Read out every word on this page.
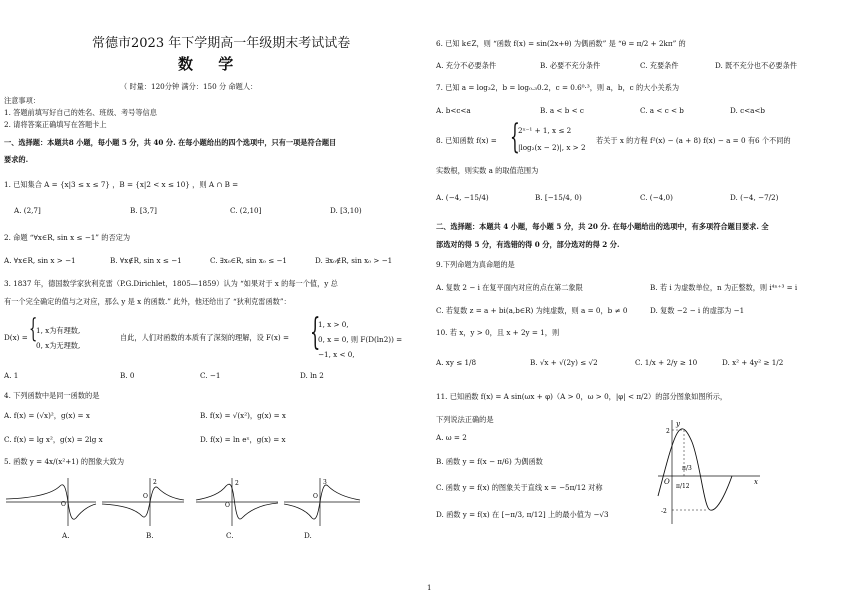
常德市2023 年下学期高一年级期末考试试卷
数 学
（ 时量：120分钟 满分：150 分 命题人：
注意事项：
1. 答题前填写好自己的姓名、班级、考号等信息
2. 请将答案正确填写在答题卡上
一、选择题：本题共8 小题，每小题 5 分，共 40 分. 在每小题给出的四个选项中，只有一项是符合题目
要求的.
1. 已知集合 A = {x|3 ≤ x ≤ 7} ，B = {x|2 < x ≤ 10} ，则 A ∩ B =
A. (2,7]	B. [3,7]	C. (2,10]	D. [3,10)
2. 命题 “∀x∈R, sin x ≤ −1” 的否定为
A. ∀x∈R, sin x > −1	B. ∀x∉R, sin x ≤ −1	C. ∃x₀∈R, sin x₀ ≤ −1	D. ∃x₀∉R, sin x₀ > −1
3. 1837 年，德国数学家狄利克雷（P.G.Dirichlet，1805—1859）认为 “如果对于 x 的每一个值，y 总
有一个完全确定的值与之对应，那么 y 是 x 的函数.” 此外，他还给出了 “狄利克雷函数”：
D(x) = {
1, x为有理数,
0, x为无理数,
自此，人们对函数的本质有了深刻的理解，设 F(x) = {
1, x > 0,
0, x = 0, 则 F(D(ln2)) =
−1, x < 0,
A. 1	B. 0	C. −1	D. ln 2
4. 下列函数中是同一函数的是
A. f(x) = (√x)²，g(x) = x	B. f(x) = √(x²)，g(x) = x
C. f(x) = lg x²，g(x) = 2lg x	D. f(x) = ln eˣ，g(x) = x
5. 函数 y = 4x/(x²+1) 的图象大致为
O
O
2
O
2
O
3
A.	B.	C.	D.
6. 已知 k∈Z，则 “函数 f(x) = sin(2x+θ) 为偶函数” 是 “θ = π/2 + 2kπ” 的
A. 充分不必要条件	B. 必要不充分条件	C. 充要条件	D. 既不充分也不必要条件
7. 已知 a = log₃2，b = log₀.₃0.2，c = 0.6⁰·³，则 a，b，c 的大小关系为
A. b<c<a	B. a < b < c	C. a < c < b	D. c<a<b
8. 已知函数 f(x) = {
2ˣ⁻¹ + 1, x ≤ 2
|log₂(x − 2)|, x > 2
若关于 x 的方程 f²(x) − (a + 8) f(x) − a = 0 有6 个不同的
实数根，则实数 a 的取值范围为
A. (−4, −15/4)	B. [−15/4, 0)	C. (−4,0)	D. (−4, −7/2)
二、选择题：本题共 4 小题，每小题 5 分，共 20 分. 在每小题给出的选项中，有多项符合题目要求. 全
部选对的得 5 分，有选错的得 0 分，部分选对的得 2 分.
9.下列命题为真命题的是
A. 复数 2 − i 在复平面内对应的点在第二象限	B. 若 i 为虚数单位，n 为正整数，则 i⁴ⁿ⁺³ = i
C. 若复数 z = a + bi(a,b∈R) 为纯虚数，则 a = 0，b ≠ 0	D. 复数 −2 − i 的虚部为 −1
10. 若 x，y > 0，且 x + 2y = 1，则
A. xy ≤ 1/8	B. √x + √(2y) ≤ √2	C. 1/x + 2/y ≥ 10	D. x² + 4y² ≥ 1/2
11. 已知函数 f(x) = A sin(ωx + φ)（A > 0，ω > 0，|φ| < π/2）的部分图象如图所示，
下列说法正确的是
A. ω = 2
B. 函数 y = f(x − π/6) 为偶函数
C. 函数 y = f(x) 的图象关于直线 x = −5π/12 对称
D. 函数 y = f(x) 在 [−π/3, π/12] 上的最小值为 −√3
y
x
O
2
-2
π/3
π/12
1
